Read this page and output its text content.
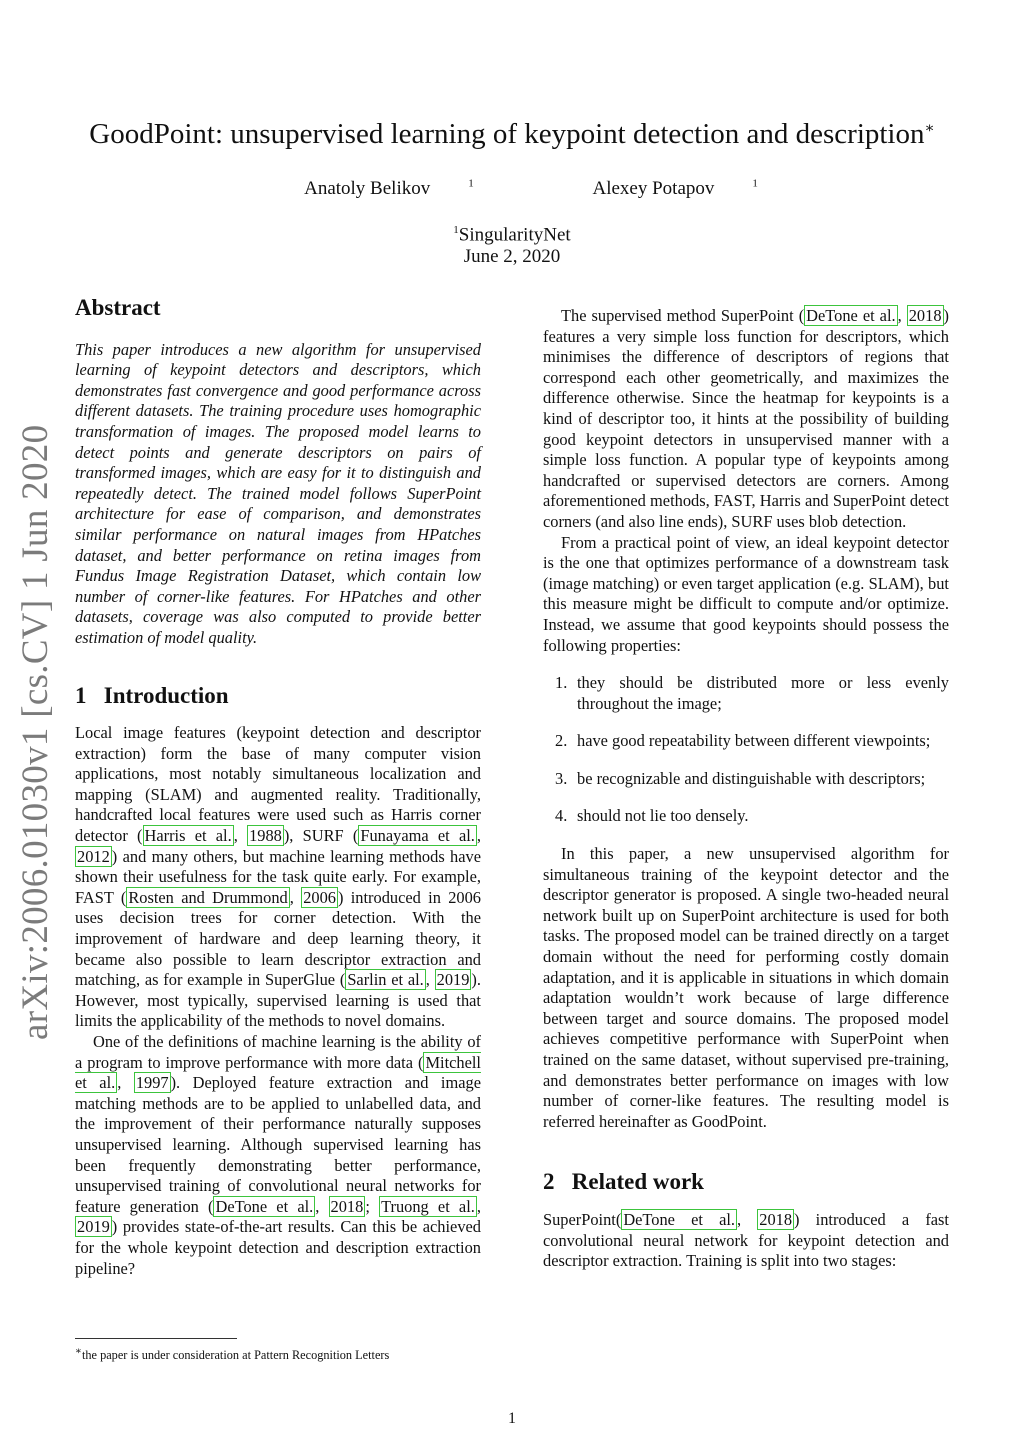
GoodPoint: unsupervised learning of keypoint detection and description∗
Anatoly Belikov	$^1$	Alexey Potapov	$^1$
$^1$SingularityNet
June 2, 2020
arXiv:2006.01030v1 [cs.CV] 1 Jun 2020
Abstract

This paper introduces a new algorithm for unsupervised learning of keypoint detectors and descriptors, which demonstrates fast convergence and good performance across different datasets. The training procedure uses homographic transformation of images. The proposed model learns to detect points and generate descriptors on pairs of transformed images, which are easy for it to distinguish and repeatedly detect. The trained model follows SuperPoint architecture for ease of comparison, and demonstrates similar performance on natural images from HPatches dataset, and better performance on retina images from Fundus Image Registration Dataset, which contain low number of corner-like features. For HPatches and other datasets, coverage was also computed to provide better estimation of model quality.

1 Introduction

Local image features (keypoint detection and descriptor extraction) form the base of many computer vision applications, most notably simultaneous localization and mapping (SLAM) and augmented reality. Traditionally, handcrafted local features were used such as Harris corner detector ( Harris et al. , 1988 ), SURF ( Funayama et al. , 2012 ) and many others, but machine learning methods have shown their usefulness for the task quite early. For example, FAST ( Rosten and Drummond , 2006 ) introduced in 2006 uses decision trees for corner detection. With the improvement of hardware and deep learning theory, it became also possible to learn descriptor extraction and matching, as for example in SuperGlue ( Sarlin et al. , 2019 ). However, most typically, supervised learning is used that limits the applicability of the methods to novel domains.

One of the definitions of machine learning is the ability of a program to improve performance with more data ( Mitchell et al. , 1997 ). Deployed feature extraction and image matching methods are to be applied to unlabelled data, and the improvement of their performance naturally supposes unsupervised learning. Although supervised learning has been frequently demonstrating better performance, unsupervised training of convolutional neural networks for feature generation ( DeTone et al. , 2018 ; Truong et al. , 2019 ) provides state-of-the-art results. Can this be achieved for the whole keypoint detection and description extraction pipeline?

∗the paper is under consideration at Pattern Recognition Letters

The supervised method SuperPoint ( DeTone et al. , 2018 ) features a very simple loss function for descriptors, which minimises the difference of descriptors of regions that correspond each other geometrically, and maximizes the difference otherwise. Since the heatmap for keypoints is a kind of descriptor too, it hints at the possibility of building good keypoint detectors in unsupervised manner with a simple loss function. A popular type of keypoints among handcrafted or supervised detectors are corners. Among aforementioned methods, FAST, Harris and SuperPoint detect corners (and also line ends), SURF uses blob detection.

From a practical point of view, an ideal keypoint detector is the one that optimizes performance of a downstream task (image matching) or even target application (e.g. SLAM), but this measure might be difficult to compute and/or optimize. Instead, we assume that good keypoints should possess the following properties:

1. they should be distributed more or less evenly throughout the image;
2. have good repeatability between different viewpoints;
3. be recognizable and distinguishable with descriptors;
4. should not lie too densely.

In this paper, a new unsupervised algorithm for simultaneous training of the keypoint detector and the descriptor generator is proposed. A single two-headed neural network built up on SuperPoint architecture is used for both tasks. The proposed model can be trained directly on a target domain without the need for performing costly domain adaptation, and it is applicable in situations in which domain adaptation wouldn’t work because of large difference between target and source domains. The proposed model achieves competitive performance with SuperPoint when trained on the same dataset, without supervised pre-training, and demonstrates better performance on images with low number of corner-like features. The resulting model is referred hereinafter as GoodPoint.

2 Related work

SuperPoint( DeTone et al. , 2018 ) introduced a fast convolutional neural network for keypoint detection and descriptor extraction. Training is split into two stages:

1
